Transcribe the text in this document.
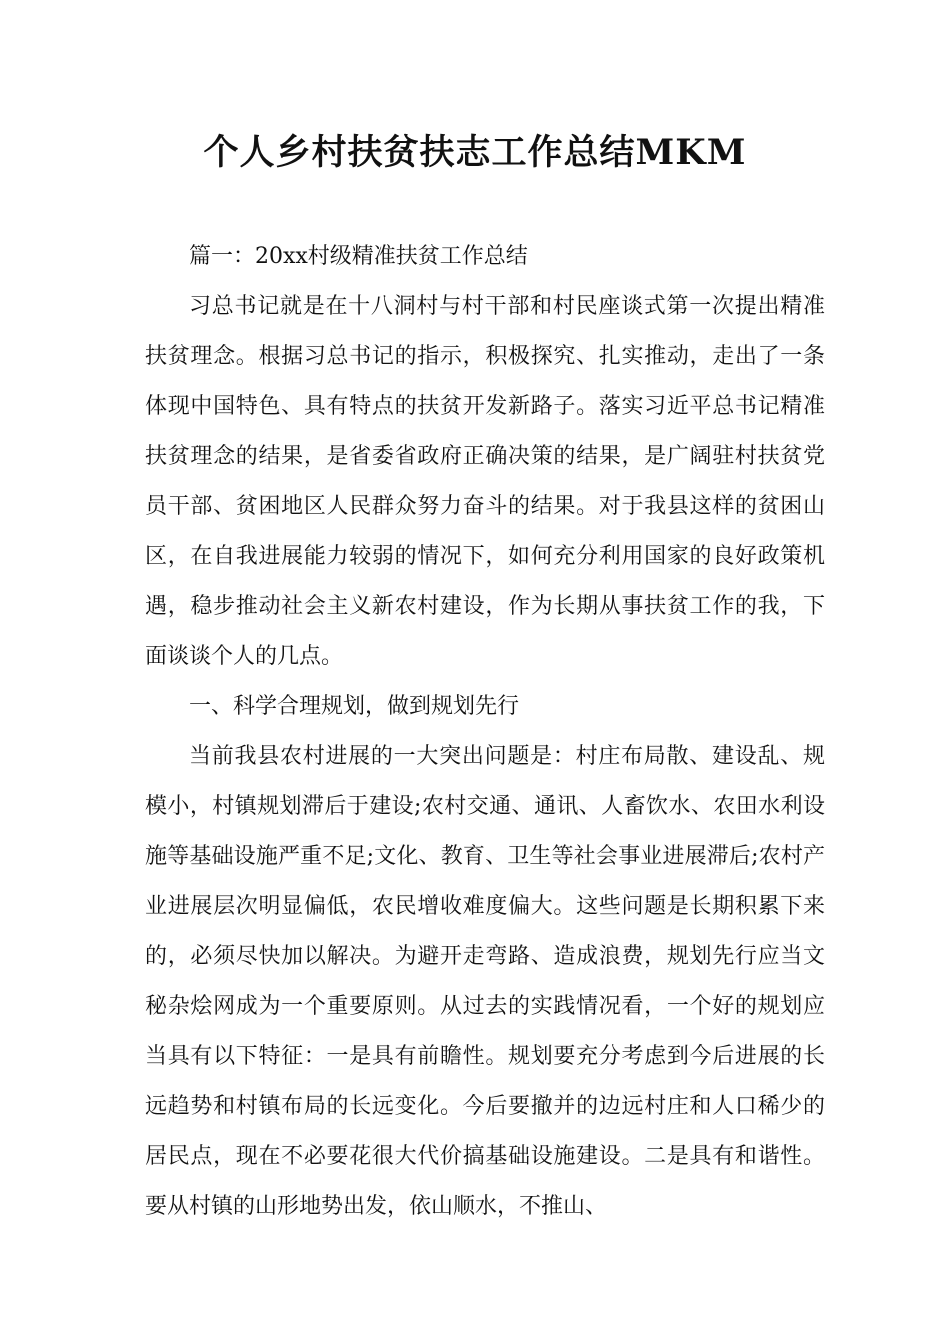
个人乡村扶贫扶志工作总结MKM

篇一：20xx村级精准扶贫工作总结

习总书记就是在十八洞村与村干部和村民座谈式第一次提出精准扶贫理念。根据习总书记的指示，积极探究、扎实推动，走出了一条体现中国特色、具有特点的扶贫开发新路子。落实习近平总书记精准扶贫理念的结果，是省委省政府正确决策的结果，是广阔驻村扶贫党员干部、贫困地区人民群众努力奋斗的结果。对于我县这样的贫困山区，在自我进展能力较弱的情况下，如何充分利用国家的良好政策机遇，稳步推动社会主义新农村建设，作为长期从事扶贫工作的我，下面谈谈个人的几点。

一、科学合理规划，做到规划先行

当前我县农村进展的一大突出问题是：村庄布局散、建设乱、规模小，村镇规划滞后于建设;农村交通、通讯、人畜饮水、农田水利设施等基础设施严重不足;文化、教育、卫生等社会事业进展滞后;农村产业进展层次明显偏低，农民增收难度偏大。这些问题是长期积累下来的，必须尽快加以解决。为避开走弯路、造成浪费，规划先行应当文秘杂烩网成为一个重要原则。从过去的实践情况看，一个好的规划应当具有以下特征：一是具有前瞻性。规划要充分考虑到今后进展的长远趋势和村镇布局的长远变化。今后要撤并的边远村庄和人口稀少的居民点，现在不必要花很大代价搞基础设施建设。二是具有和谐性。要从村镇的山形地势出发，依山顺水，不推山、
